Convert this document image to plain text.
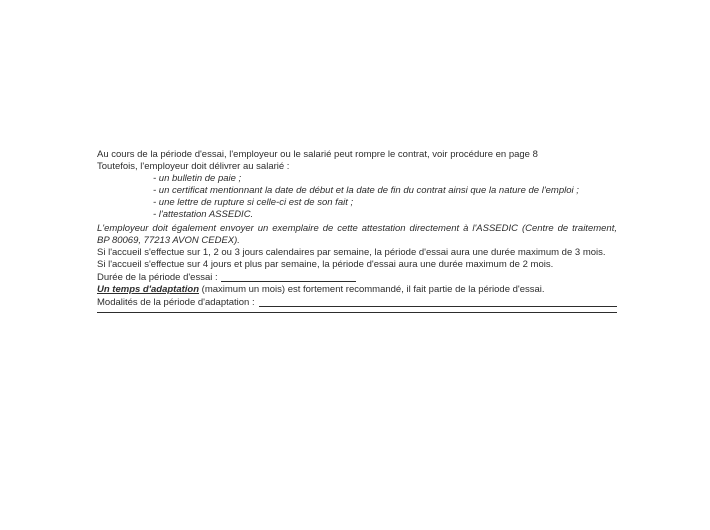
Au cours de la période d'essai, l'employeur ou le salarié peut rompre le contrat, voir procédure en page 8

Toutefois, l'employeur doit délivrer au salarié :

- un bulletin de paie ;

- un certificat mentionnant la date de début et la date de fin du contrat ainsi que la nature de l'emploi ;

- une lettre de rupture si celle-ci est de son fait ;

- l'attestation ASSEDIC.

L'employeur doit également envoyer un exemplaire de cette attestation directement à l'ASSEDIC (Centre de traitement,

BP 80069, 77213 AVON CEDEX).

Si l'accueil s'effectue sur 1, 2 ou 3 jours calendaires par semaine, la période d'essai aura une durée maximum de 3 mois.

Si l'accueil s'effectue sur 4 jours et plus par semaine, la période d'essai aura une durée maximum de 2 mois.

Durée de la période d'essai :

Un temps d'adaptation (maximum un mois) est fortement recommandé, il fait partie de la période d'essai.

Modalités de la période d'adaptation :
